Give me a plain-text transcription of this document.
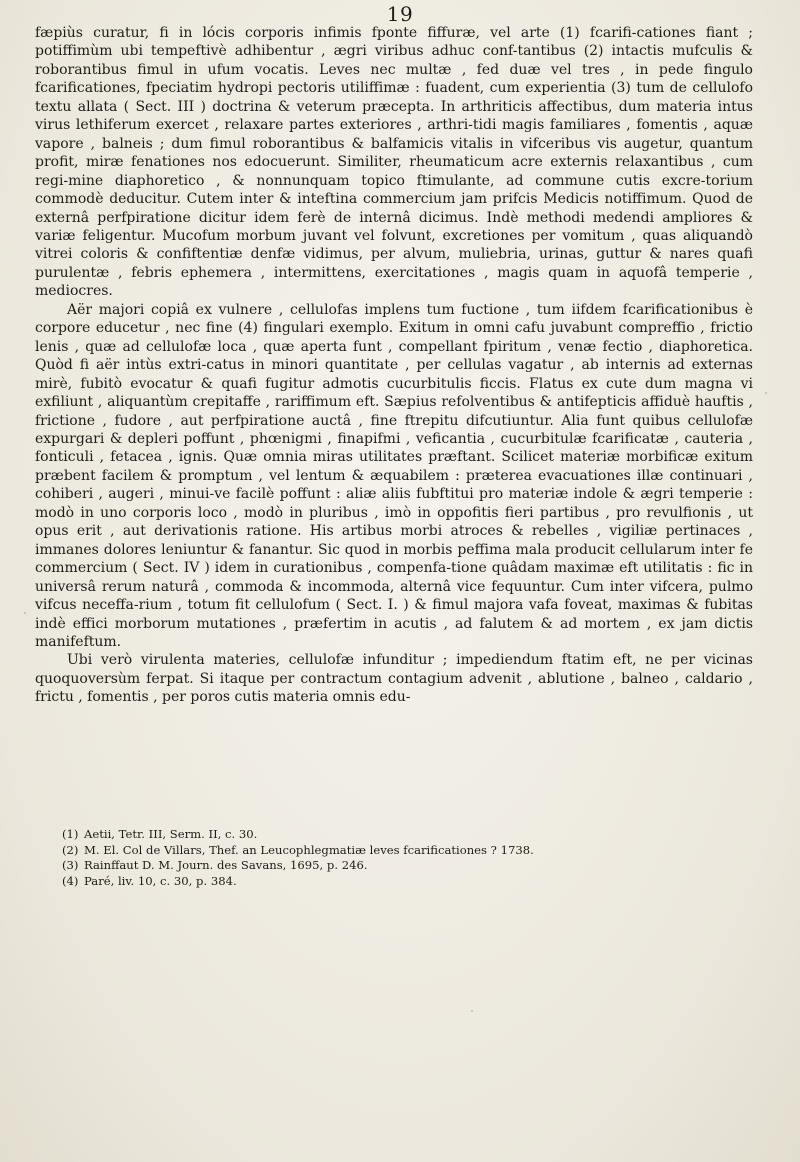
19

fæpiùs curatur, fi in lócis corporis infimis fponte fiffuræ, vel arte (1) fcarifi-cationes fiant ; potiffimùm ubi tempeftivè adhibentur , ægri viribus adhuc conf-tantibus (2) intactis mufculis & roborantibus fimul in ufum vocatis. Leves nec multæ , fed duæ vel tres , in pede fingulo fcarificationes, fpeciatim hydropi pectoris utiliffimæ : fuadent, cum experientia (3) tum de cellulofo textu allata ( Sect. III ) doctrina & veterum præcepta. In arthriticis affectibus, dum materia intus virus lethiferum exercet , relaxare partes exteriores , arthri-tidi magis familiares , fomentis , aquæ vapore , balneis ; dum fimul roborantibus & balfamicis vitalis in vifceribus vis augetur, quantum profit, miræ fenationes nos edocuerunt. Similiter, rheumaticum acre externis relaxantibus , cum regi-mine diaphoretico , & nonnunquam topico ftimulante, ad commune cutis excre-torium commodè deducitur. Cutem inter & inteftina commercium jam prifcis Medicis notiffimum. Quod de externâ perfpiratione dicitur idem ferè de internâ dicimus. Indè methodi medendi ampliores & variæ feligentur. Mucofum morbum juvant vel folvunt, excretiones per vomitum , quas aliquandò vitrei coloris & confiftentiæ denfæ vidimus, per alvum, muliebria, urinas, guttur & nares quafi purulentæ , febris ephemera , intermittens, exercitationes , magis quam in aquofâ temperie , mediocres.

Aër majori copiâ ex vulnere , cellulofas implens tum fuctione , tum iifdem fcarificationibus è corpore educetur , nec fine (4) fingulari exemplo. Exitum in omni cafu juvabunt compreffio , frictio lenis , quæ ad cellulofæ loca , quæ aperta funt , compellant fpiritum , venæ fectio , diaphoretica. Quòd fi aër intùs extri-catus in minori quantitate , per cellulas vagatur , ab internis ad externas mirè, fubitò evocatur & quafi fugitur admotis cucurbitulis ficcis. Flatus ex cute dum magna vi exfiliunt , aliquantùm crepitaffe , rariffimum eft. Sæpius refolventibus & antifepticis affiduè hauftis , frictione , fudore , aut perfpiratione auctâ , fine ftrepitu difcutiuntur. Alia funt quibus cellulofæ expurgari & depleri poffunt , phœnigmi , finapifmi , veficantia , cucurbitulæ fcarificatæ , cauteria , fonticuli , fetacea , ignis. Quæ omnia miras utilitates præftant. Scilicet materiæ morbificæ exitum præbent facilem & promptum , vel lentum & æquabilem : præterea evacuationes illæ continuari , cohiberi , augeri , minui-ve facilè poffunt : aliæ aliis fubftitui pro materiæ indole & ægri temperie : modò in uno corporis loco , modò in pluribus , imò in oppofitis fieri partibus , pro revulfionis , ut opus erit , aut derivationis ratione. His artibus morbi atroces & rebelles , vigiliæ pertinaces , immanes dolores leniuntur & fanantur. Sic quod in morbis peffima mala producit cellularum inter fe commercium ( Sect. IV ) idem in curationibus , compenfa-tione quâdam maximæ eft utilitatis : fic in universâ rerum naturâ , commoda & incommoda, alternâ vice fequuntur. Cum inter vifcera, pulmo vifcus neceffa-rium , totum fit cellulofum ( Sect. I. ) & fimul majora vafa foveat, maximas & fubitas indè effici morborum mutationes , præfertim in acutis , ad falutem & ad mortem , ex jam dictis manifeftum.

Ubi verò virulenta materies, cellulofæ infunditur ; impediendum ftatim eft, ne per vicinas quoquoversùm ferpat. Si itaque per contractum contagium advenit , ablutione , balneo , caldario , frictu , fomentis , per poros cutis materia omnis edu-

(1) Aetii, Tetr. III, Serm. II, c. 30.
(2) M. El. Col de Villars, Thef. an Leucophlegmatiæ leves fcarificationes ? 1738.
(3) Rainffaut D. M. Journ. des Savans, 1695, p. 246.
(4) Paré, liv. 10, c. 30, p. 384.
